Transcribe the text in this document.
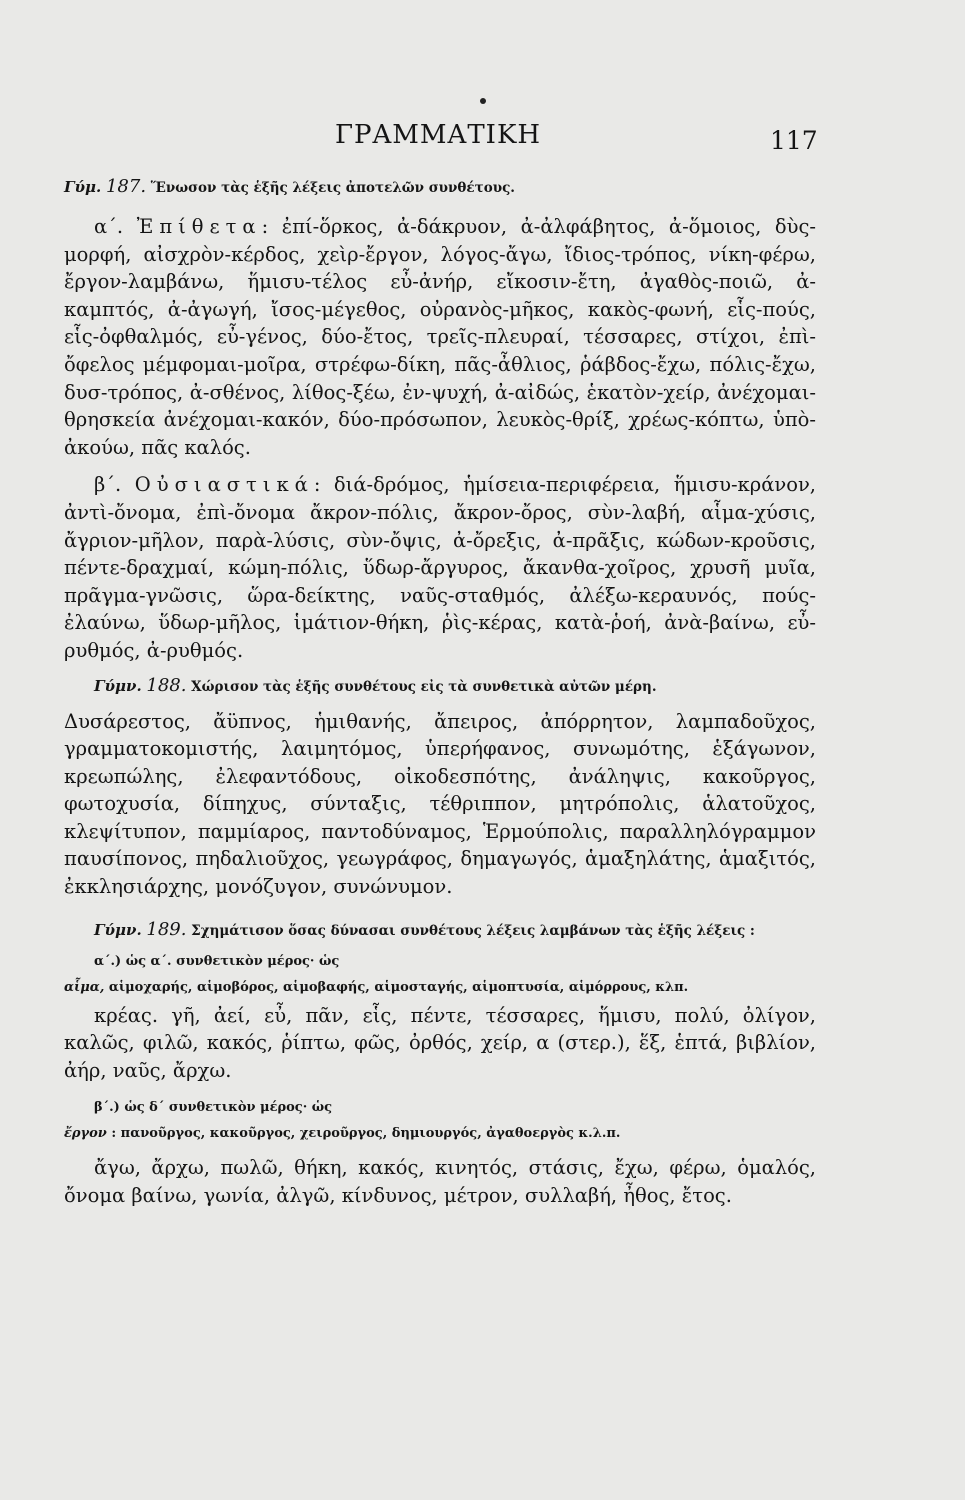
ΓΡΑΜΜΑΤΙΚΗ	117

Γύμ. 187. Ἕνωσον τὰς ἑξῆς λέξεις ἀποτελῶν συνθέτους.

α΄. Ἐπίθετα: ἐπί-ὅρκος, ἀ-δάκρυον, ἀ-ἀλφάβητος, ἀ-ὅμοιος, δὺς-μορφή, αἰσχρὸν-κέρδος, χεὶρ-ἔργον, λόγος-ἄγω, ἴδιος-τρόπος, νίκη-φέρω, ἔργον-λαμβάνω, ἥμισυ-τέλος εὖ-ἀνήρ, εἴκοσιν-ἔτη, ἀγαθὸς-ποιῶ, ἀ-καμπτός, ἀ-ἀγωγή, ἴσος-μέγεθος, οὐρανὸς-μῆκος, κακὸς-φωνή, εἷς-πούς, εἷς-ὀφθαλμός, εὖ-γένος, δύο-ἔτος, τρεῖς-πλευραί, τέσσαρες, στίχοι, ἐπὶ-ὄφελος μέμφομαι-μοῖρα, στρέφω-δίκη, πᾶς-ἆθλιος, ῥάβδος-ἔχω, πόλις-ἔχω, δυσ-τρόπος, ἀ-σθένος, λίθος-ξέω, ἐν-ψυχή, ἀ-αἰδώς, ἑκατὸν-χείρ, ἀνέχομαι-θρησκεία ἀνέχομαι-κακόν, δύο-πρόσωπον, λευκὸς-θρίξ, χρέως-κόπτω, ὑπὸ-ἀκούω, πᾶς καλός.

β΄. Οὐσιαστικά: διά-δρόμος, ἡμίσεια-περιφέρεια, ἥμισυ-κράνον, ἀντὶ-ὄνομα, ἐπὶ-ὄνομα ἄκρον-πόλις, ἄκρον-ὄρος, σὺν-λαβή, αἷμα-χύσις, ἄγριον-μῆλον, παρὰ-λύσις, σὺν-ὄψις, ἀ-ὄρεξις, ἀ-πρᾶξις, κώδων-κροῦσις, πέντε-δραχμαί, κώμη-πόλις, ὕδωρ-ἄργυρος, ἄκανθα-χοῖρος, χρυσῆ μυῖα, πρᾶγμα-γνῶσις, ὥρα-δείκτης, ναῦς-σταθμός, ἀλέξω-κεραυνός, πούς-ἐλαύνω, ὕδωρ-μῆλος, ἱμάτιον-θήκη, ῥὶς-κέρας, κατὰ-ῥοή, ἀνὰ-βαίνω, εὖ-ρυθμός, ἀ-ρυθμός.

Γύμν. 188. Χώρισον τὰς ἑξῆς συνθέτους εἰς τὰ συνθετικὰ αὐτῶν μέρη.

Δυσάρεστος, ἄϋπνος, ἡμιθανής, ἄπειρος, ἀπόρρητον, λαμπαδοῦχος, γραμματοκομιστής, λαιμητόμος, ὑπερήφανος, συνωμότης, ἑξάγωνον, κρεωπώλης, ἐλεφαντόδους, οἰκοδεσπότης, ἀνάληψις, κακοῦργος, φωτοχυσία, δίπηχυς, σύνταξις, τέθριππον, μητρόπολις, ἁλατοῦχος, κλεψίτυπον, παμμίαρος, παντοδύναμος, Ἑρμούπολις, παραλληλόγραμμον παυσίπονος, πηδαλιοῦχος, γεωγράφος, δημαγωγός, ἁμαξηλάτης, ἁμαξιτός, ἐκκλησιάρχης, μονόζυγον, συνώνυμον.

Γύμν. 189. Σχημάτισον ὅσας δύνασαι συνθέτους λέξεις λαμβάνων τὰς ἑξῆς λέξεις :

α΄.) ὡς α΄. συνθετικὸν μέρος· ὡς

αἷμα, αἱμοχαρής, αἱμοβόρος, αἱμοβαφής, αἱμοσταγής, αἱμοπτυσία, αἱμόρρους, κλπ.

κρέας. γῆ, ἀεί, εὖ, πᾶν, εἷς, πέντε, τέσσαρες, ἥμισυ, πολύ, ὀλίγον, καλῶς, φιλῶ, κακός, ῥίπτω, φῶς, ὀρθός, χείρ, α (στερ.), ἕξ, ἑπτά, βιβλίον, ἀήρ, ναῦς, ἄρχω.

β΄.) ὡς δ΄ συνθετικὸν μέρος· ὡς

ἔργον : πανοῦργος, κακοῦργος, χειροῦργος, δημιουργός, ἀγαθοεργὸς κ.λ.π.

ἄγω, ἄρχω, πωλῶ, θήκη, κακός, κινητός, στάσις, ἔχω, φέρω, ὁμαλός, ὄνομα βαίνω, γωνία, ἀλγῶ, κίνδυνος, μέτρον, συλλαβή, ἦθος, ἔτος.
